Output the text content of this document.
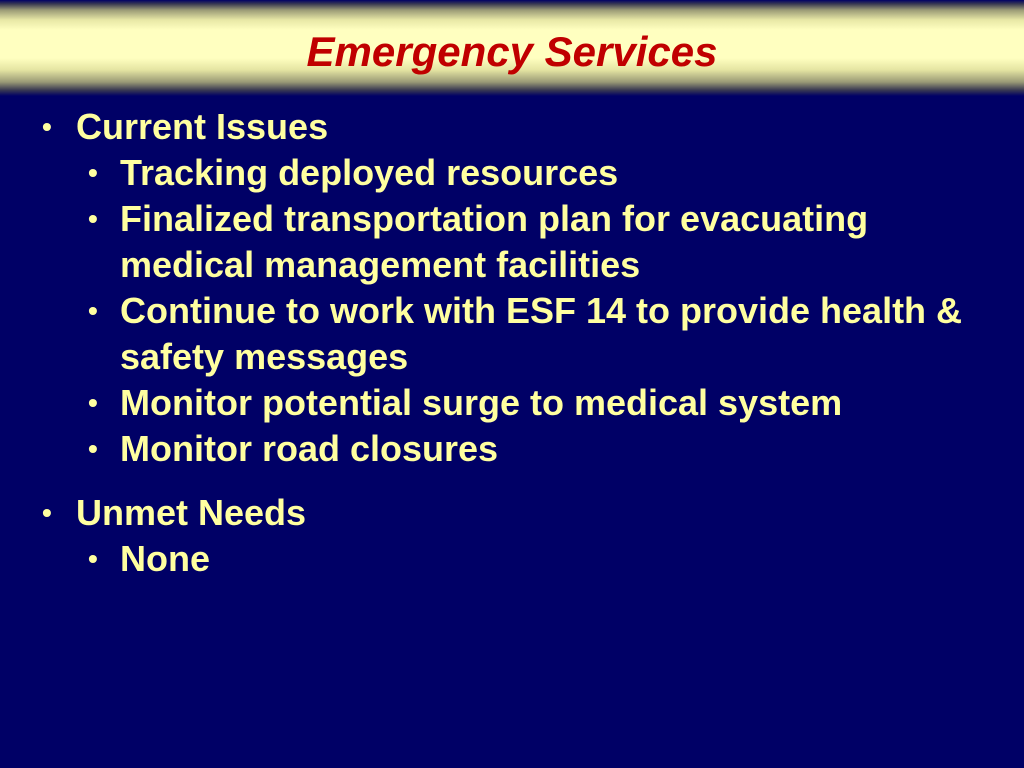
Emergency Services
• Current Issues
• Tracking deployed resources
• Finalized transportation plan for evacuating medical management facilities
• Continue to work with ESF 14 to provide health & safety messages
• Monitor potential surge to medical system
• Monitor road closures
• Unmet Needs
• None
